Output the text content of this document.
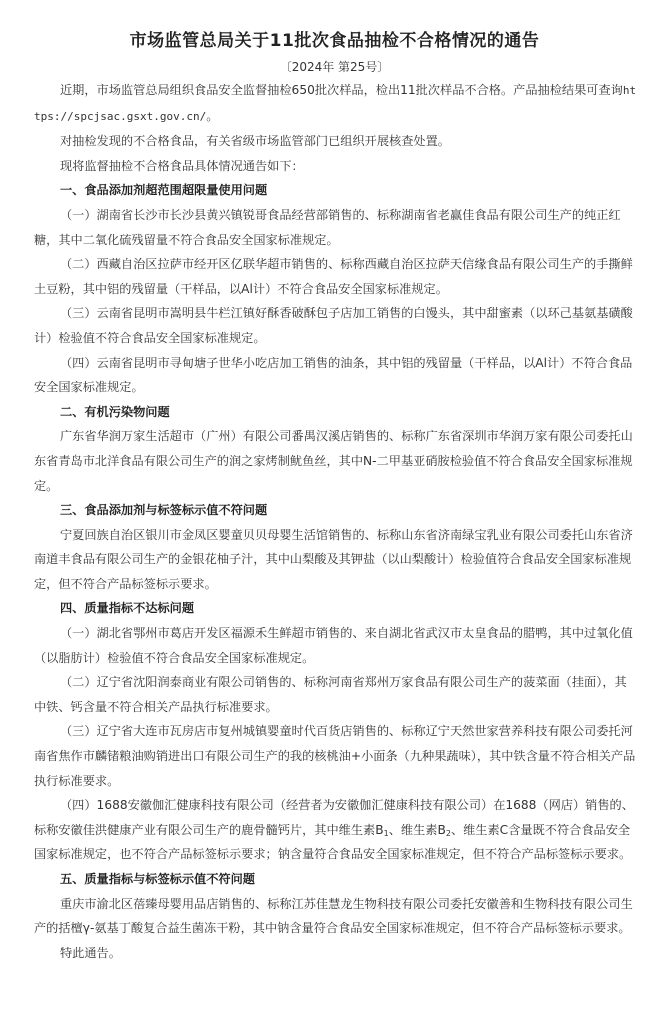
市场监管总局关于11批次食品抽检不合格情况的通告
〔2024年 第25号〕

近期，市场监管总局组织食品安全监督抽检650批次样品，检出11批次样品不合格。产品抽检结果可查询https://spcjsac.gsxt.gov.cn/。

对抽检发现的不合格食品，有关省级市场监管部门已组织开展核查处置。

现将监督抽检不合格食品具体情况通告如下：

一、食品添加剂超范围超限量使用问题

（一）湖南省长沙市长沙县黄兴镇锐哥食品经营部销售的、标称湖南省老赢佳食品有限公司生产的纯正红糖，其中二氧化硫残留量不符合食品安全国家标准规定。

（二）西藏自治区拉萨市经开区亿联华超市销售的、标称西藏自治区拉萨天信缘食品有限公司生产的手撕鲜土豆粉，其中铝的残留量（干样品，以Al计）不符合食品安全国家标准规定。

（三）云南省昆明市嵩明县牛栏江镇好酥香破酥包子店加工销售的白馒头，其中甜蜜素（以环己基氨基磺酸计）检验值不符合食品安全国家标准规定。

（四）云南省昆明市寻甸塘子世华小吃店加工销售的油条，其中铝的残留量（干样品，以Al计）不符合食品安全国家标准规定。

二、有机污染物问题

广东省华润万家生活超市（广州）有限公司番禺汉溪店销售的、标称广东省深圳市华润万家有限公司委托山东省青岛市北洋食品有限公司生产的润之家烤制鱿鱼丝，其中N-二甲基亚硝胺检验值不符合食品安全国家标准规定。

三、食品添加剂与标签标示值不符问题

宁夏回族自治区银川市金凤区婴童贝贝母婴生活馆销售的、标称山东省济南绿宝乳业有限公司委托山东省济南道丰食品有限公司生产的金银花柚子汁，其中山梨酸及其钾盐（以山梨酸计）检验值符合食品安全国家标准规定，但不符合产品标签标示要求。

四、质量指标不达标问题

（一）湖北省鄂州市葛店开发区福源禾生鲜超市销售的、来自湖北省武汉市太皇食品的腊鸭，其中过氧化值（以脂肪计）检验值不符合食品安全国家标准规定。

（二）辽宁省沈阳润泰商业有限公司销售的、标称河南省郑州万家食品有限公司生产的菠菜面（挂面），其中铁、钙含量不符合相关产品执行标准要求。

（三）辽宁省大连市瓦房店市复州城镇婴童时代百货店销售的、标称辽宁天然世家营养科技有限公司委托河南省焦作市麟锗粮油购销进出口有限公司生产的我的核桃油+小面条（九种果蔬味），其中铁含量不符合相关产品执行标准要求。

（四）1688安徽伽汇健康科技有限公司（经营者为安徽伽汇健康科技有限公司）在1688（网店）销售的、标称安徽佳洪健康产业有限公司生产的鹿骨髓钙片，其中维生素$B_1$、维生素$B_2$、维生素C含量既不符合食品安全国家标准规定，也不符合产品标签标示要求；钠含量符合食品安全国家标准规定，但不符合产品标签标示要求。

五、质量指标与标签标示值不符问题

重庆市渝北区蓓臻母婴用品店销售的、标称江苏佳慧龙生物科技有限公司委托安徽善和生物科技有限公司生产的括檀γ-氨基丁酸复合益生菌冻干粉，其中钠含量符合食品安全国家标准规定，但不符合产品标签标示要求。

特此通告。
